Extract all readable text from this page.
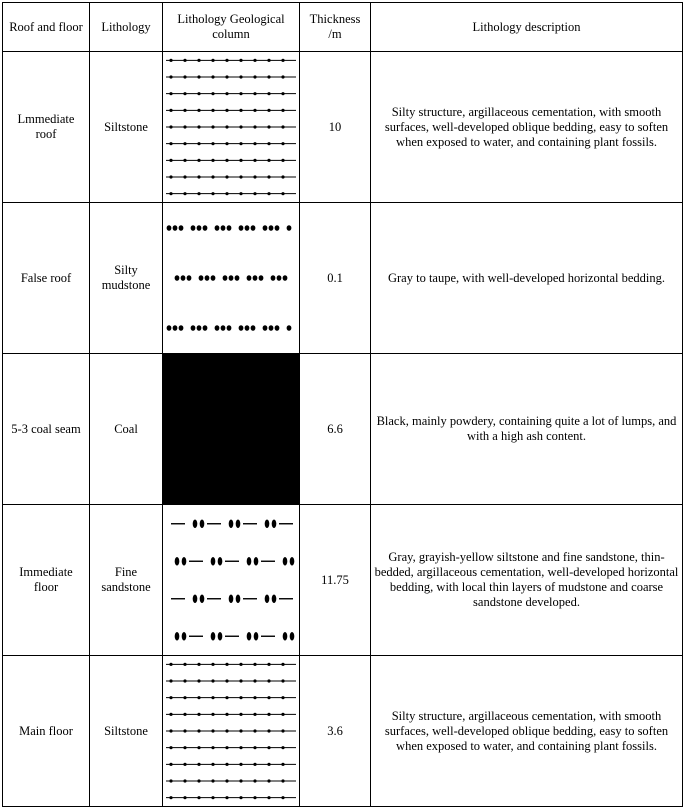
Roof and floor	Lithology	Lithology Geological column	Thickness /m	Lithology description
Lmmediate roof	Siltstone		10	Silty structure, argillaceous cementation, with smooth surfaces, well-developed oblique bedding, easy to soften when exposed to water, and containing plant fossils.
False roof	Silty mudstone		0.1	Gray to taupe, with well-developed horizontal bedding.
5-3 coal seam	Coal		6.6	Black, mainly powdery, containing quite a lot of lumps, and with a high ash content.
Immediate floor	Fine sandstone		11.75	Gray, grayish-yellow siltstone and fine sandstone, thin-bedded, argillaceous cementation, well-developed horizontal bedding, with local thin layers of mudstone and coarse sandstone developed.
Main floor	Siltstone		3.6	Silty structure, argillaceous cementation, with smooth surfaces, well-developed oblique bedding, easy to soften when exposed to water, and containing plant fossils.
